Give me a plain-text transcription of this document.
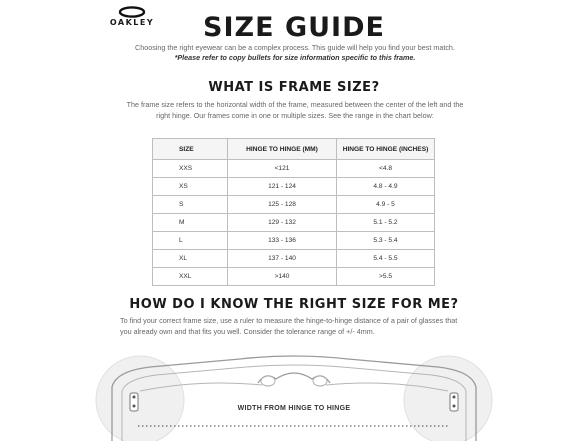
OAKLEY	SIZE GUIDE
Choosing the right eyewear can be a complex process. This guide will help you find your best match.
*Please refer to copy bullets for size information specific to this frame.
WHAT IS FRAME SIZE?
The frame size refers to the horizontal width of the frame, measured between the center of the left and the right hinge. Our frames come in one or multiple sizes. See the range in the chart below:
SIZE	HINGE TO HINGE (MM)	HINGE TO HINGE (INCHES)
XXS	<121	<4.8
XS	121 - 124	4.8 - 4.9
S	125 - 128	4.9 - 5
M	129 - 132	5.1 - 5.2
L	133 - 136	5.3 - 5.4
XL	137 - 140	5.4 - 5.5
XXL	>140	>5.5
HOW DO I KNOW THE RIGHT SIZE FOR ME?
To find your correct frame size, use a ruler to measure the hinge-to-hinge distance of a pair of glasses that you already own and that fits you well. Consider the tolerance range of +/- 4mm.
WIDTH FROM HINGE TO HINGE
